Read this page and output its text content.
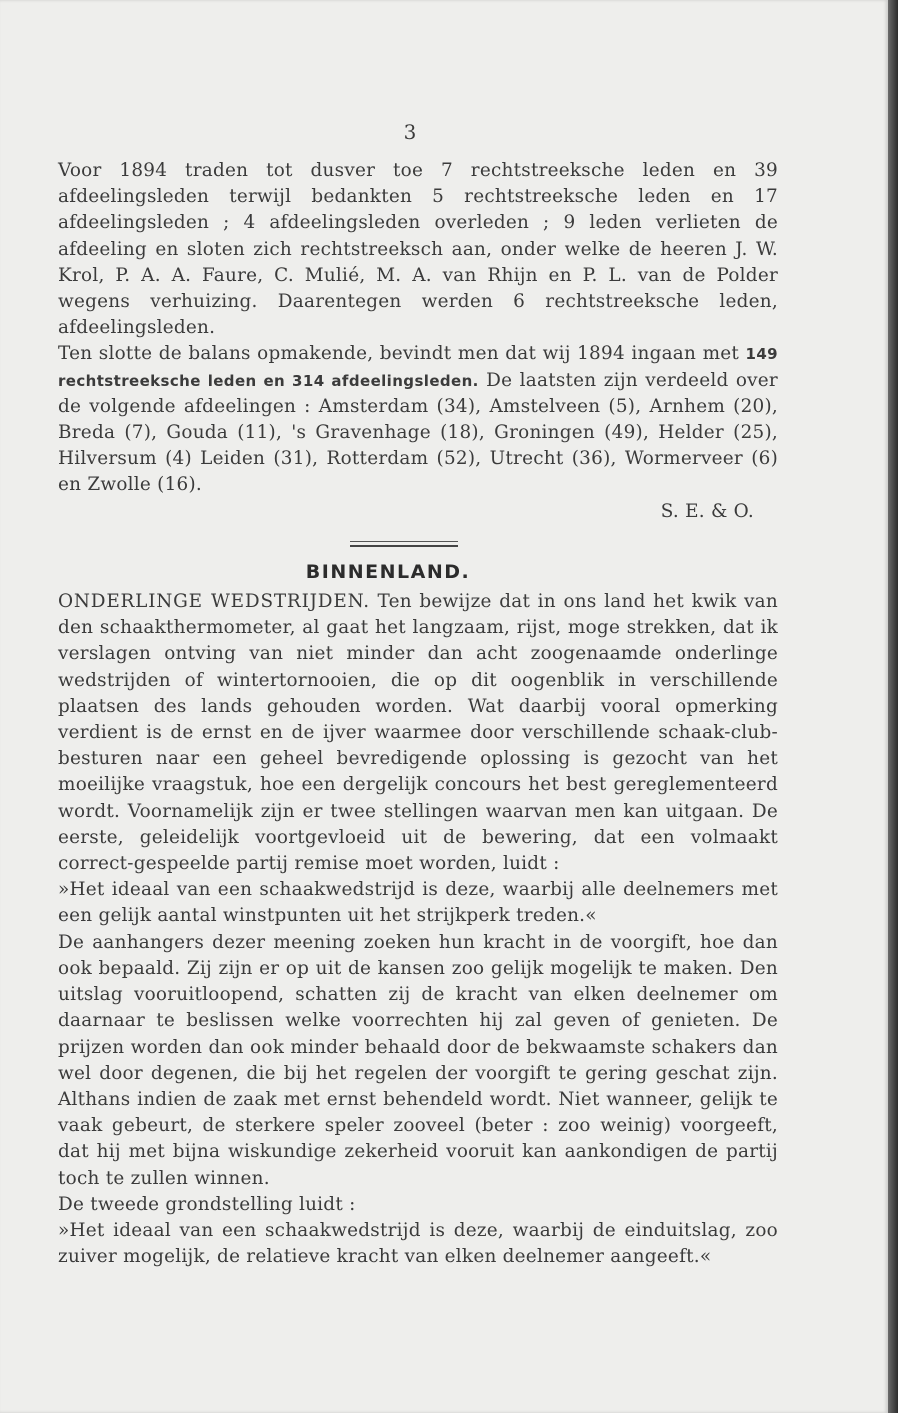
3

Voor 1894 traden tot dusver toe 7 rechtstreeksche leden en 39 afdeelingsleden terwijl bedankten 5 rechtstreeksche leden en 17 afdeelingsleden ; 4 afdeelingsleden overleden ; 9 leden verlieten de afdeeling en sloten zich rechtstreeksch aan, onder welke de heeren J. W. Krol, P. A. A. Faure, C. Mulié, M. A. van Rhijn en P. L. van de Polder wegens verhuizing. Daarentegen werden 6 rechtstreeksche leden, afdeelingsleden.

Ten slotte de balans opmakende, bevindt men dat wij 1894 ingaan met 149 rechtstreeksche leden en 314 afdeelingsleden. De laatsten zijn verdeeld over de volgende afdeelingen : Amsterdam (34), Amstelveen (5), Arnhem (20), Breda (7), Gouda (11), 's Gravenhage (18), Groningen (49), Helder (25), Hilversum (4) Leiden (31), Rotterdam (52), Utrecht (36), Wormerveer (6) en Zwolle (16).

S. E. & O.

BINNENLAND.

ONDERLINGE WEDSTRIJDEN. Ten bewijze dat in ons land het kwik van den schaakthermometer, al gaat het langzaam, rijst, moge strekken, dat ik verslagen ontving van niet minder dan acht zoogenaamde onderlinge wedstrijden of wintertornooien, die op dit oogenblik in verschillende plaatsen des lands gehouden worden. Wat daarbij vooral opmerking verdient is de ernst en de ijver waarmee door verschillende schaak-club-besturen naar een geheel bevredigende oplossing is gezocht van het moeilijke vraagstuk, hoe een dergelijk concours het best gereglementeerd wordt. Voornamelijk zijn er twee stellingen waarvan men kan uitgaan. De eerste, geleidelijk voortgevloeid uit de bewering, dat een volmaakt correct-gespeelde partij remise moet worden, luidt :

»Het ideaal van een schaakwedstrijd is deze, waarbij alle deelnemers met een gelijk aantal winstpunten uit het strijkperk treden.«

De aanhangers dezer meening zoeken hun kracht in de voorgift, hoe dan ook bepaald. Zij zijn er op uit de kansen zoo gelijk mogelijk te maken. Den uitslag vooruitloopend, schatten zij de kracht van elken deelnemer om daarnaar te beslissen welke voorrechten hij zal geven of genieten. De prijzen worden dan ook minder behaald door de bekwaamste schakers dan wel door degenen, die bij het regelen der voorgift te gering geschat zijn. Althans indien de zaak met ernst behendeld wordt. Niet wanneer, gelijk te vaak gebeurt, de sterkere speler zooveel (beter : zoo weinig) voorgeeft, dat hij met bijna wiskundige zekerheid vooruit kan aankondigen de partij toch te zullen winnen.

De tweede grondstelling luidt :

»Het ideaal van een schaakwedstrijd is deze, waarbij de einduitslag, zoo zuiver mogelijk, de relatieve kracht van elken deelnemer aangeeft.«
